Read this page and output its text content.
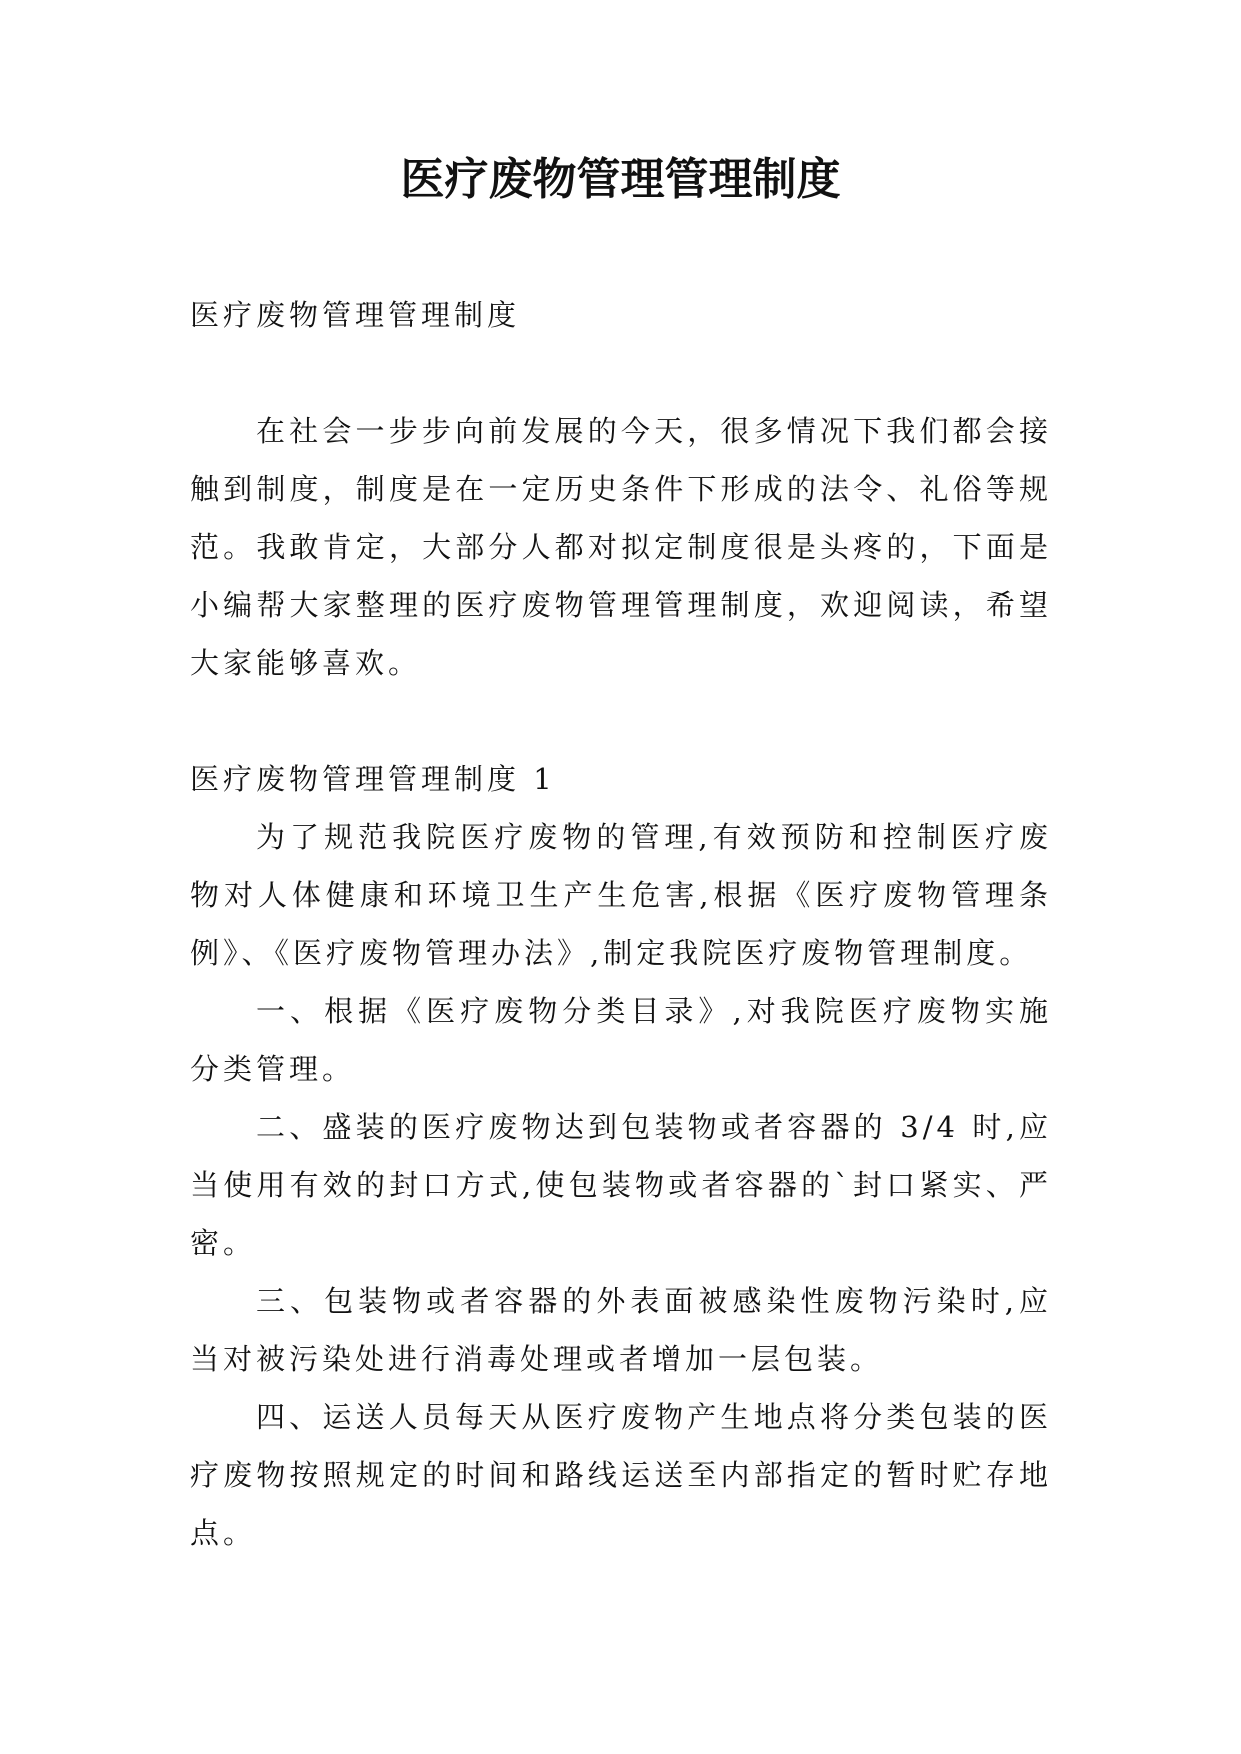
医疗废物管理管理制度

医疗废物管理管理制度

在社会一步步向前发展的今天，很多情况下我们都会接触到制度，制度是在一定历史条件下形成的法令、礼俗等规范。我敢肯定，大部分人都对拟定制度很是头疼的，下面是小编帮大家整理的医疗废物管理管理制度，欢迎阅读，希望大家能够喜欢。

医疗废物管理管理制度 1

为了规范我院医疗废物的管理,有效预防和控制医疗废物对人体健康和环境卫生产生危害,根据《医疗废物管理条例》、《医疗废物管理办法》,制定我院医疗废物管理制度。

一、根据《医疗废物分类目录》,对我院医疗废物实施分类管理。

二、盛装的医疗废物达到包装物或者容器的 3/4 时,应当使用有效的封口方式,使包装物或者容器的`封口紧实、严密。

三、包装物或者容器的外表面被感染性废物污染时,应当对被污染处进行消毒处理或者增加一层包装。

四、运送人员每天从医疗废物产生地点将分类包装的医疗废物按照规定的时间和路线运送至内部指定的暂时贮存地点。
